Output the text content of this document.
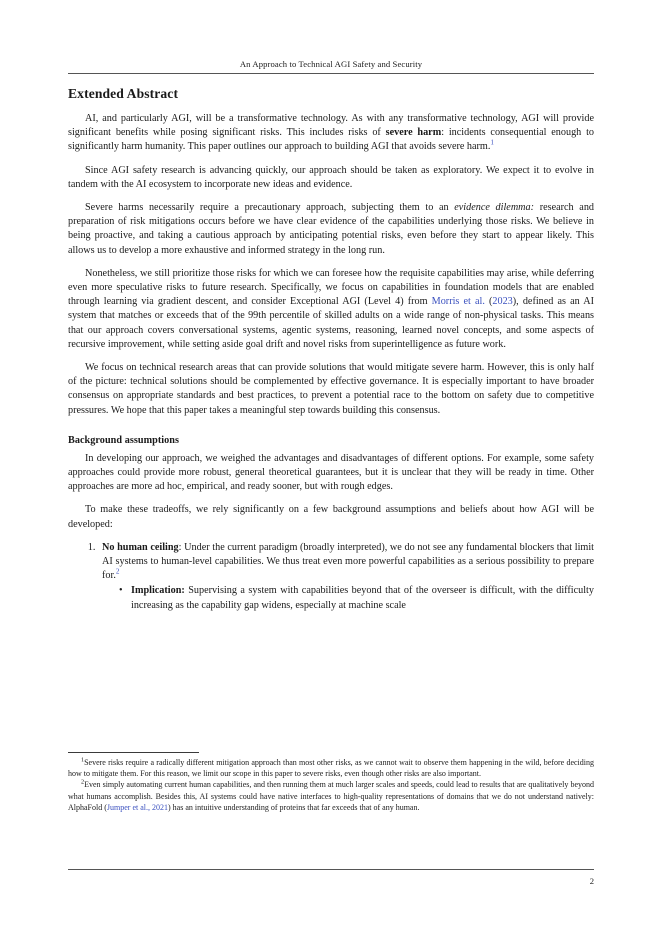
An Approach to Technical AGI Safety and Security
Extended Abstract

AI, and particularly AGI, will be a transformative technology. As with any transformative technology, AGI will provide significant benefits while posing significant risks. This includes risks of severe harm: incidents consequential enough to significantly harm humanity. This paper outlines our approach to building AGI that avoids severe harm.$^1$

Since AGI safety research is advancing quickly, our approach should be taken as exploratory. We expect it to evolve in tandem with the AI ecosystem to incorporate new ideas and evidence.

Severe harms necessarily require a precautionary approach, subjecting them to an evidence dilemma: research and preparation of risk mitigations occurs before we have clear evidence of the capabilities underlying those risks. We believe in being proactive, and taking a cautious approach by anticipating potential risks, even before they start to appear likely. This allows us to develop a more exhaustive and informed strategy in the long run.

Nonetheless, we still prioritize those risks for which we can foresee how the requisite capabilities may arise, while deferring even more speculative risks to future research. Specifically, we focus on capabilities in foundation models that are enabled through learning via gradient descent, and consider Exceptional AGI (Level 4) from Morris et al. (2023), defined as an AI system that matches or exceeds that of the 99th percentile of skilled adults on a wide range of non-physical tasks. This means that our approach covers conversational systems, agentic systems, reasoning, learned novel concepts, and some aspects of recursive improvement, while setting aside goal drift and novel risks from superintelligence as future work.

We focus on technical research areas that can provide solutions that would mitigate severe harm. However, this is only half of the picture: technical solutions should be complemented by effective governance. It is especially important to have broader consensus on appropriate standards and best practices, to prevent a potential race to the bottom on safety due to competitive pressures. We hope that this paper takes a meaningful step towards building this consensus.

Background assumptions

In developing our approach, we weighed the advantages and disadvantages of different options. For example, some safety approaches could provide more robust, general theoretical guarantees, but it is unclear that they will be ready in time. Other approaches are more ad hoc, empirical, and ready sooner, but with rough edges.

To make these tradeoffs, we rely significantly on a few background assumptions and beliefs about how AGI will be developed:

1. No human ceiling: Under the current paradigm (broadly interpreted), we do not see any fundamental blockers that limit AI systems to human-level capabilities. We thus treat even more powerful capabilities as a serious possibility to prepare for.$^2$
• Implication: Supervising a system with capabilities beyond that of the overseer is difficult, with the difficulty increasing as the capability gap widens, especially at machine scale

$^1$Severe risks require a radically different mitigation approach than most other risks, as we cannot wait to observe them happening in the wild, before deciding how to mitigate them. For this reason, we limit our scope in this paper to severe risks, even though other risks are also important.

$^2$Even simply automating current human capabilities, and then running them at much larger scales and speeds, could lead to results that are qualitatively beyond what humans accomplish. Besides this, AI systems could have native interfaces to high-quality representations of domains that we do not understand natively: AlphaFold (Jumper et al., 2021) has an intuitive understanding of proteins that far exceeds that of any human.

2
